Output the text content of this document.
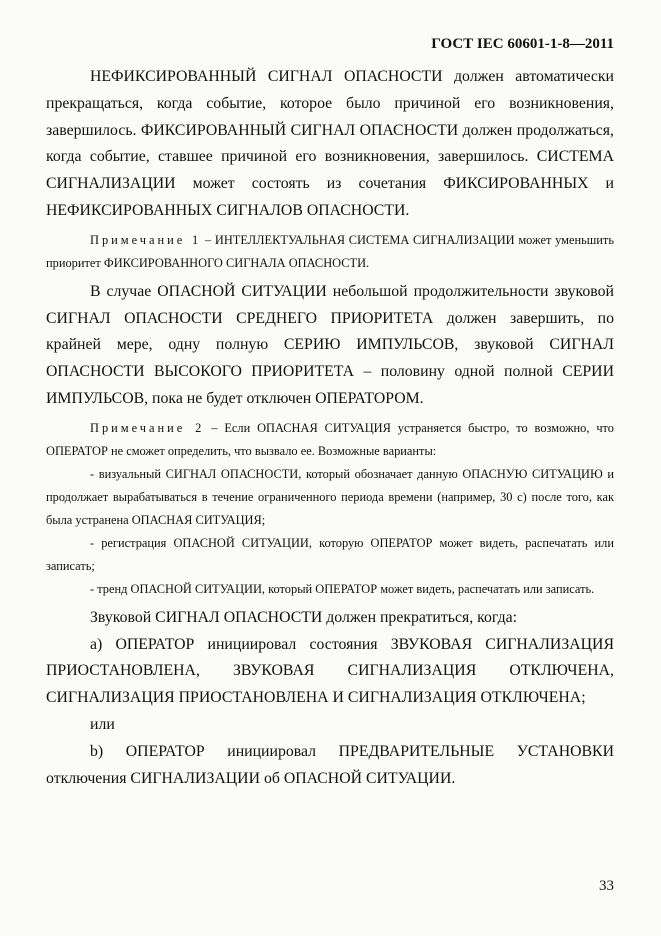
ГОСТ IEC 60601-1-8—2011

НЕФИКСИРОВАННЫЙ СИГНАЛ ОПАСНОСТИ должен автоматически прекращаться, когда событие, которое было причиной его возникновения, завершилось. ФИКСИРОВАННЫЙ СИГНАЛ ОПАСНОСТИ должен продолжаться, когда событие, ставшее причиной его возникновения, завершилось. СИСТЕМА СИГНАЛИЗАЦИИ может состоять из сочетания ФИКСИРОВАННЫХ и НЕФИКСИРОВАННЫХ СИГНАЛОВ ОПАСНОСТИ.

Примечание 1 – ИНТЕЛЛЕКТУАЛЬНАЯ СИСТЕМА СИГНАЛИЗАЦИИ может уменьшить приоритет ФИКСИРОВАННОГО СИГНАЛА ОПАСНОСТИ.

В случае ОПАСНОЙ СИТУАЦИИ небольшой продолжительности звуковой СИГНАЛ ОПАСНОСТИ СРЕДНЕГО ПРИОРИТЕТА должен завершить, по крайней мере, одну полную СЕРИЮ ИМПУЛЬСОВ, звуковой СИГНАЛ ОПАСНОСТИ ВЫСОКОГО ПРИОРИТЕТА – половину одной полной СЕРИИ ИМПУЛЬСОВ, пока не будет отключен ОПЕРАТОРОМ.

Примечание 2 – Если ОПАСНАЯ СИТУАЦИЯ устраняется быстро, то возможно, что ОПЕРАТОР не сможет определить, что вызвало ее. Возможные варианты:

- визуальный СИГНАЛ ОПАСНОСТИ, который обозначает данную ОПАСНУЮ СИТУАЦИЮ и продолжает вырабатываться в течение ограниченного периода времени (например, 30 с) после того, как была устранена ОПАСНАЯ СИТУАЦИЯ;

- регистрация ОПАСНОЙ СИТУАЦИИ, которую ОПЕРАТОР может видеть, распечатать или записать;

- тренд ОПАСНОЙ СИТУАЦИИ, который ОПЕРАТОР может видеть, распечатать или записать.

Звуковой СИГНАЛ ОПАСНОСТИ должен прекратиться, когда:

а) ОПЕРАТОР инициировал состояния ЗВУКОВАЯ СИГНАЛИЗАЦИЯ ПРИОСТАНОВЛЕНА, ЗВУКОВАЯ СИГНАЛИЗАЦИЯ ОТКЛЮЧЕНА, СИГНАЛИЗАЦИЯ ПРИОСТАНОВЛЕНА И СИГНАЛИЗАЦИЯ ОТКЛЮЧЕНА;

или

b) ОПЕРАТОР инициировал ПРЕДВАРИТЕЛЬНЫЕ УСТАНОВКИ отключения СИГНАЛИЗАЦИИ об ОПАСНОЙ СИТУАЦИИ.

33
